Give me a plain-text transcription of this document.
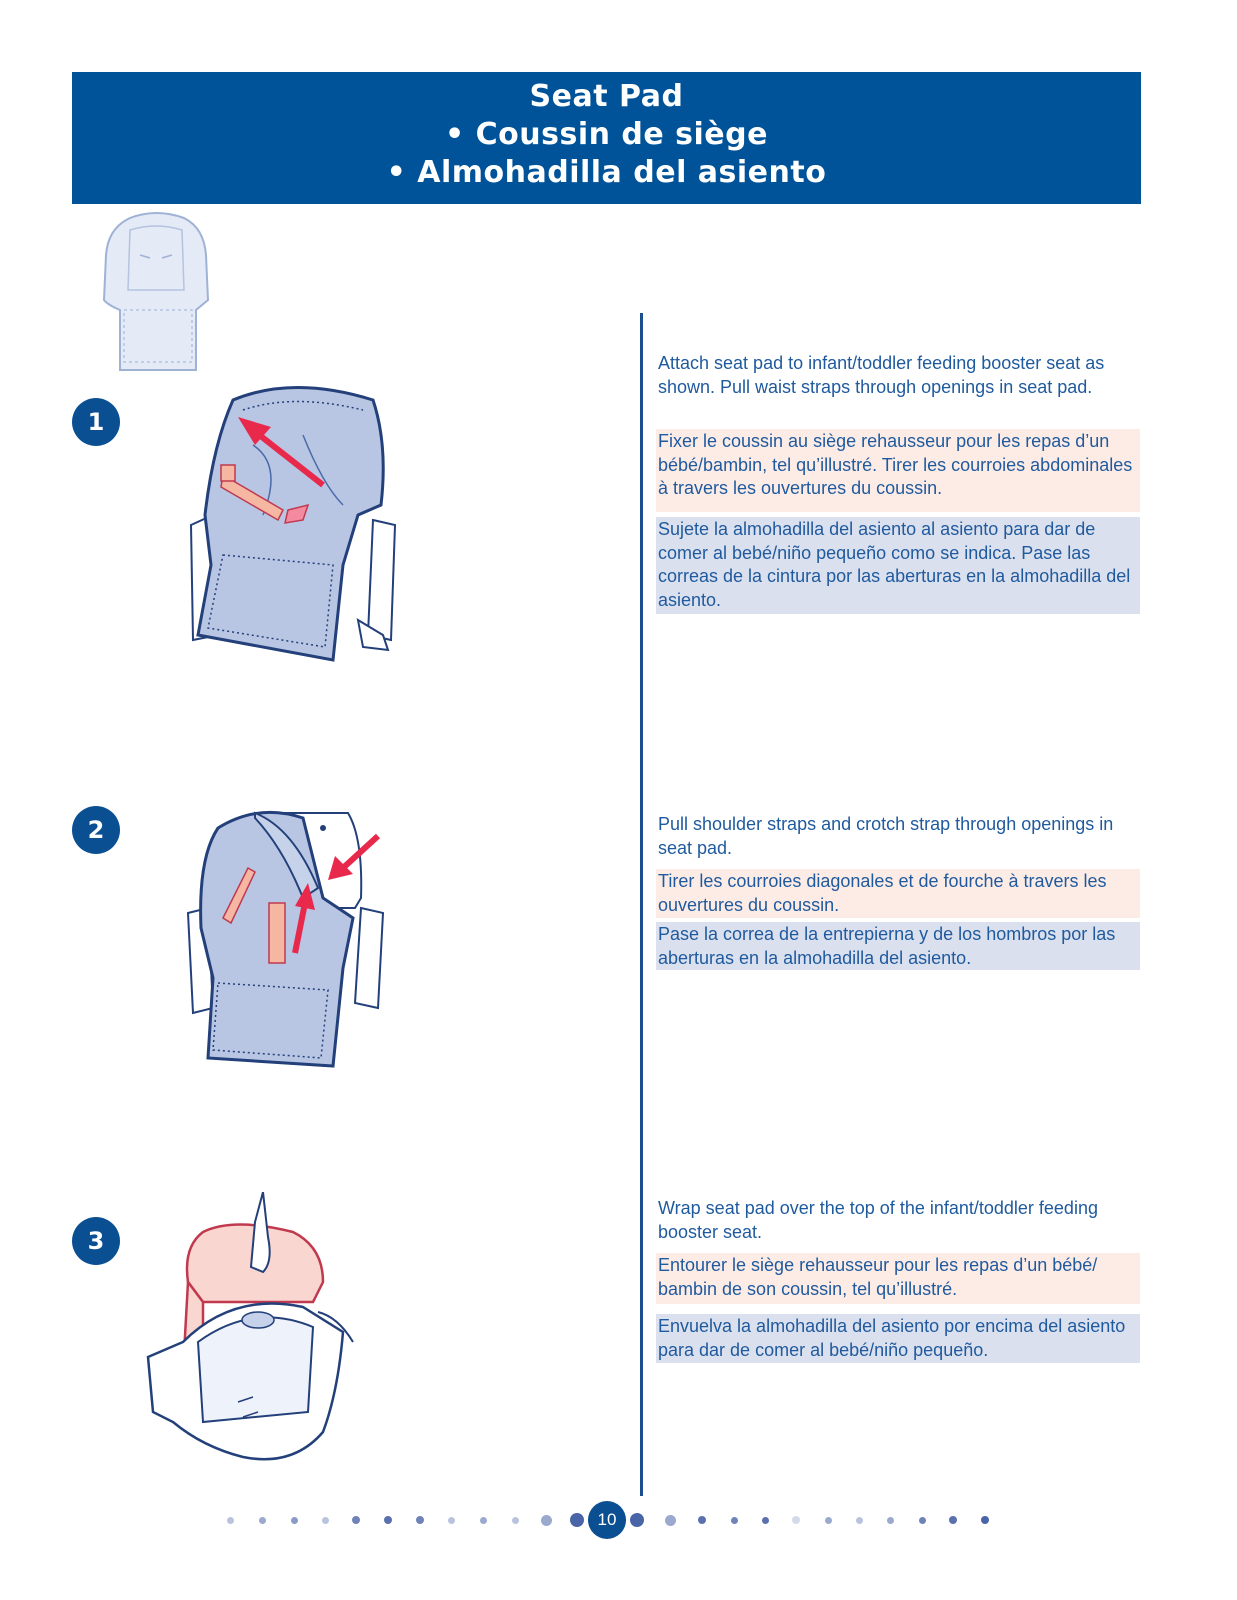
Seat Pad
• Coussin de siège
• Almohadilla del asiento
1
2
3
Attach seat pad to infant/toddler feeding booster seat as shown. Pull waist straps through openings in seat pad.
Fixer le coussin au siège rehausseur pour les repas d’un bébé/bambin, tel qu’illustré. Tirer les courroies abdominales à travers les ouvertures du coussin.
Sujete la almohadilla del asiento al asiento para dar de comer al bebé/niño pequeño como se indica. Pase las correas de la cintura por las aberturas en la almohadilla del asiento.
Pull shoulder straps and crotch strap through openings in seat pad.
Tirer les courroies diagonales et de fourche à travers les ouvertures du coussin.
Pase la correa de la entrepierna y de los hombros por las aberturas en la almohadilla del asiento.
Wrap seat pad over the top of the infant/toddler feeding booster seat.
Entourer le siège rehausseur pour les repas d’un bébé/ bambin de son coussin, tel qu’illustré.
Envuelva la almohadilla del asiento por encima del asiento para dar de comer al bebé/niño pequeño.
10
